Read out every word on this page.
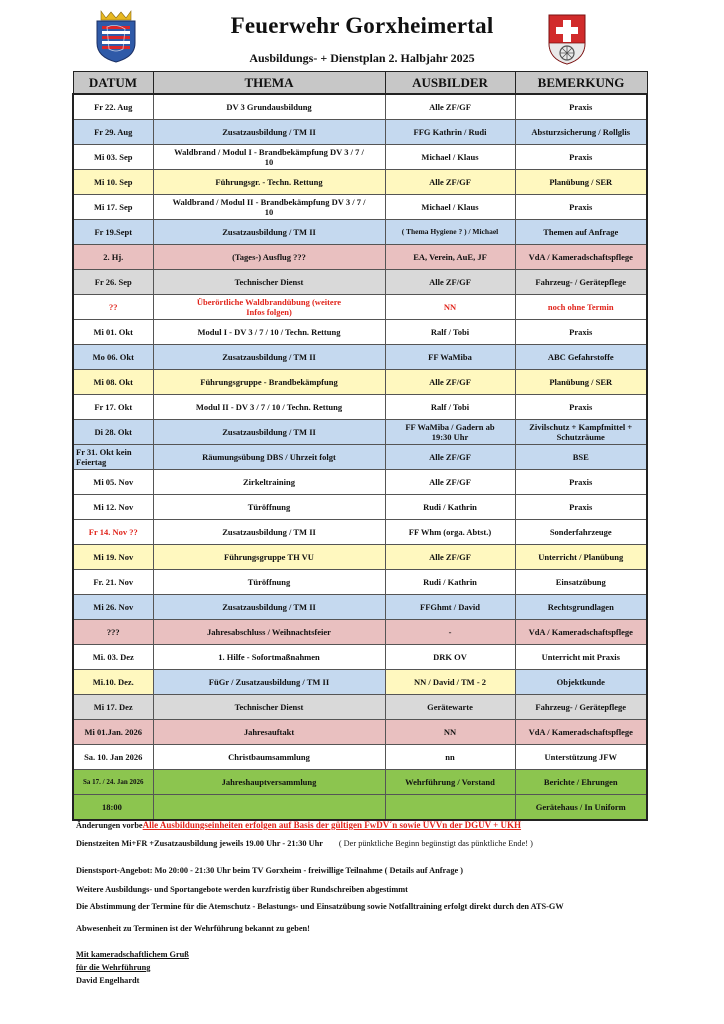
Feuerwehr Gorxheimertal
Ausbildungs- + Dienstplan 2. Halbjahr 2025
DATUM	THEMA	AUSBILDER	BEMERKUNG
Fr 22. Aug	DV 3 Grundausbildung	Alle ZF/GF	Praxis
Fr 29. Aug	Zusatzausbildung / TM II	FFG Kathrin / Rudi	Absturzsicherung / Rollglis
Mi 03. Sep	Waldbrand / Modul I - Brandbekämpfung DV 3 / 7 / 10	Michael / Klaus	Praxis
Mi 10. Sep	Führungsgr. - Techn. Rettung	Alle ZF/GF	Planübung / SER
Mi 17. Sep	Waldbrand / Modul II - Brandbekämpfung DV 3 / 7 / 10	Michael / Klaus	Praxis
Fr 19.Sept	Zusatzausbildung / TM II	( Thema Hygiene ? ) / Michael	Themen auf Anfrage
2. Hj.	(Tages-) Ausflug ???	EA, Verein, AuE, JF	VdA / Kameradschaftspflege
Fr 26. Sep	Technischer Dienst	Alle ZF/GF	Fahrzeug- / Gerätepflege
??	Überörtliche Waldbrandübung (weitere Infos folgen)	NN	noch ohne Termin
Mi 01. Okt	Modul I - DV 3 / 7 / 10 / Techn. Rettung	Ralf / Tobi	Praxis
Mo 06. Okt	Zusatzausbildung / TM II	FF WaMiba	ABC Gefahrstoffe
Mi 08. Okt	Führungsgruppe - Brandbekämpfung	Alle ZF/GF	Planübung / SER
Fr 17. Okt	Modul II - DV 3 / 7 / 10 / Techn. Rettung	Ralf / Tobi	Praxis
Di 28. Okt	Zusatzausbildung / TM II	FF WaMiba / Gadern ab 19:30 Uhr	Zivilschutz + Kampfmittel + Schutzräume
Fr 31. Okt kein Feiertag	Räumungsübung DBS / Uhrzeit folgt	Alle ZF/GF	BSE
Mi 05. Nov	Zirkeltraining	Alle ZF/GF	Praxis
Mi 12. Nov	Türöffnung	Rudi / Kathrin	Praxis
Fr 14. Nov ??	Zusatzausbildung / TM II	FF Whm (orga. Abtst.)	Sonderfahrzeuge
Mi 19. Nov	Führungsgruppe TH VU	Alle ZF/GF	Unterricht / Planübung
Fr. 21. Nov	Türöffnung	Rudi / Kathrin	Einsatzübung
Mi 26. Nov	Zusatzausbildung / TM II	FFGhmt / David	Rechtsgrundlagen
???	Jahresabschluss / Weihnachtsfeier	-	VdA / Kameradschaftspflege
Mi. 03. Dez	1. Hilfe - Sofortmaßnahmen	DRK OV	Unterricht mit Praxis
Mi.10. Dez.	FüGr / Zusatzausbildung / TM II	NN / David / TM - 2	Objektkunde
Mi 17. Dez	Technischer Dienst	Gerätewarte	Fahrzeug- / Gerätepflege
Mi 01.Jan. 2026	Jahresauftakt	NN	VdA / Kameradschaftspflege
Sa. 10. Jan 2026	Christbaumsammlung	nn	Unterstützung JFW
Sa 17. / 24. Jan 2026	Jahreshauptversammlung	Wehrführung / Vorstand	Berichte / Ehrungen
18:00			Gerätehaus / In Uniform
Änderungen vorbeAlle Ausbildungseinheiten erfolgen auf Basis der gültigen FwDV´n sowie UVVn der DGUV + UKH
Dienstzeiten Mi+FR +Zusatzausbildung jeweils 19.00 Uhr - 21:30 Uhr ( Der pünktliche Beginn begünstigt das pünktliche Ende! )
Dienstsport-Angebot: Mo 20:00 - 21:30 Uhr beim TV Gorxheim - freiwillige Teilnahme ( Details auf Anfrage )
Weitere Ausbildungs- und Sportangebote werden kurzfristig über Rundschreiben abgestimmt
Die Abstimmung der Termine für die Atemschutz - Belastungs- und Einsatzübung sowie Notfalltraining erfolgt direkt durch den ATS-GW
Abwesenheit zu Terminen ist der Wehrführung bekannt zu geben!
Mit kameradschaftlichem Gruß
für die Wehrführung
David Engelhardt
